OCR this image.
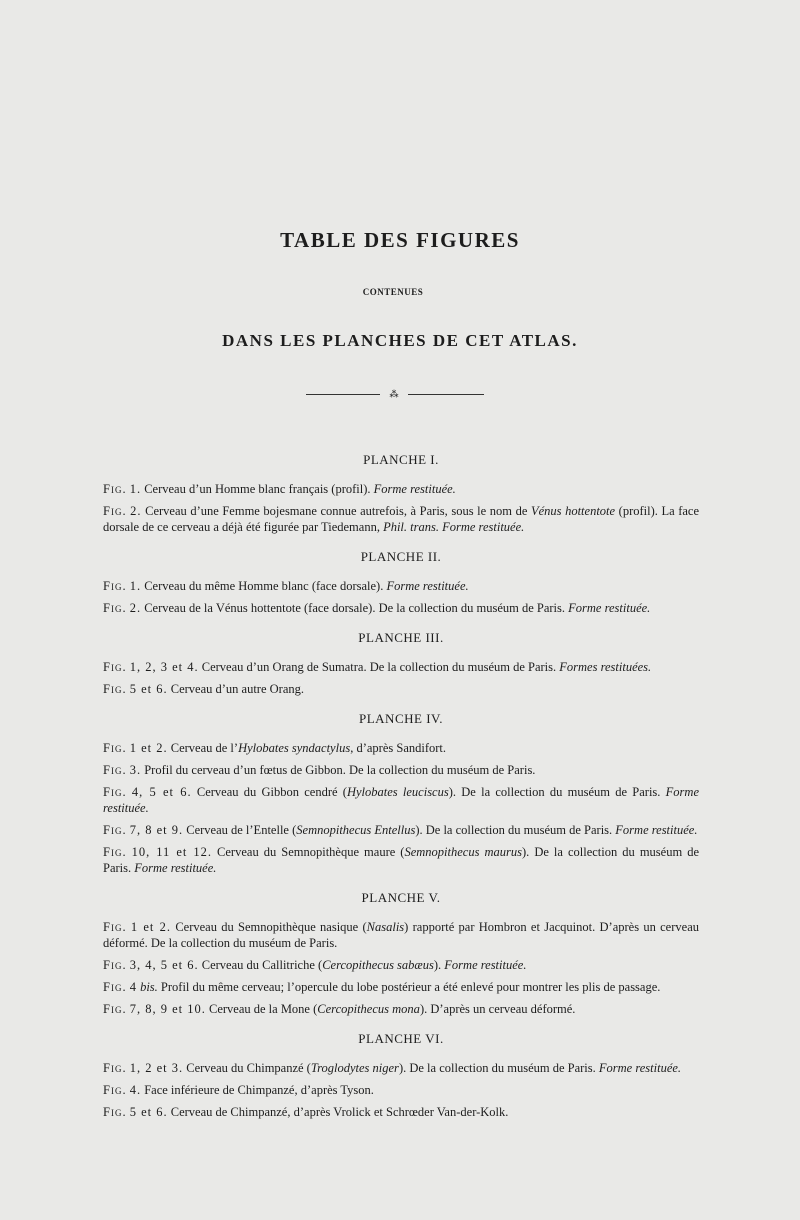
TABLE DES FIGURES
CONTENUES
DANS LES PLANCHES DE CET ATLAS.
⁂
PLANCHE I.
Fig. 1. Cerveau d’un Homme blanc français (profil). Forme restituée.
Fig. 2. Cerveau d’une Femme bojesmane connue autrefois, à Paris, sous le nom de Vénus hottentote (profil). La face dorsale de ce cerveau a déjà été figurée par Tiedemann, Phil. trans. Forme restituée.
PLANCHE II.
Fig. 1. Cerveau du même Homme blanc (face dorsale). Forme restituée.
Fig. 2. Cerveau de la Vénus hottentote (face dorsale). De la collection du muséum de Paris. Forme restituée.
PLANCHE III.
Fig. 1, 2, 3 et 4. Cerveau d’un Orang de Sumatra. De la collection du muséum de Paris. Formes restituées.
Fig. 5 et 6. Cerveau d’un autre Orang.
PLANCHE IV.
Fig. 1 et 2. Cerveau de l’Hylobates syndactylus, d’après Sandifort.
Fig. 3. Profil du cerveau d’un fœtus de Gibbon. De la collection du muséum de Paris.
Fig. 4, 5 et 6. Cerveau du Gibbon cendré (Hylobates leuciscus). De la collection du muséum de Paris. Forme restituée.
Fig. 7, 8 et 9. Cerveau de l’Entelle (Semnopithecus Entellus). De la collection du muséum de Paris. Forme restituée.
Fig. 10, 11 et 12. Cerveau du Semnopithèque maure (Semnopithecus maurus). De la collection du muséum de Paris. Forme restituée.
PLANCHE V.
Fig. 1 et 2. Cerveau du Semnopithèque nasique (Nasalis) rapporté par Hombron et Jacquinot. D’après un cerveau déformé. De la collection du muséum de Paris.
Fig. 3, 4, 5 et 6. Cerveau du Callitriche (Cercopithecus sabæus). Forme restituée.
Fig. 4 bis. Profil du même cerveau; l’opercule du lobe postérieur a été enlevé pour montrer les plis de passage.
Fig. 7, 8, 9 et 10. Cerveau de la Mone (Cercopithecus mona). D’après un cerveau déformé.
PLANCHE VI.
Fig. 1, 2 et 3. Cerveau du Chimpanzé (Troglodytes niger). De la collection du muséum de Paris. Forme restituée.
Fig. 4. Face inférieure de Chimpanzé, d’après Tyson.
Fig. 5 et 6. Cerveau de Chimpanzé, d’après Vrolick et Schrœder Van-der-Kolk.
